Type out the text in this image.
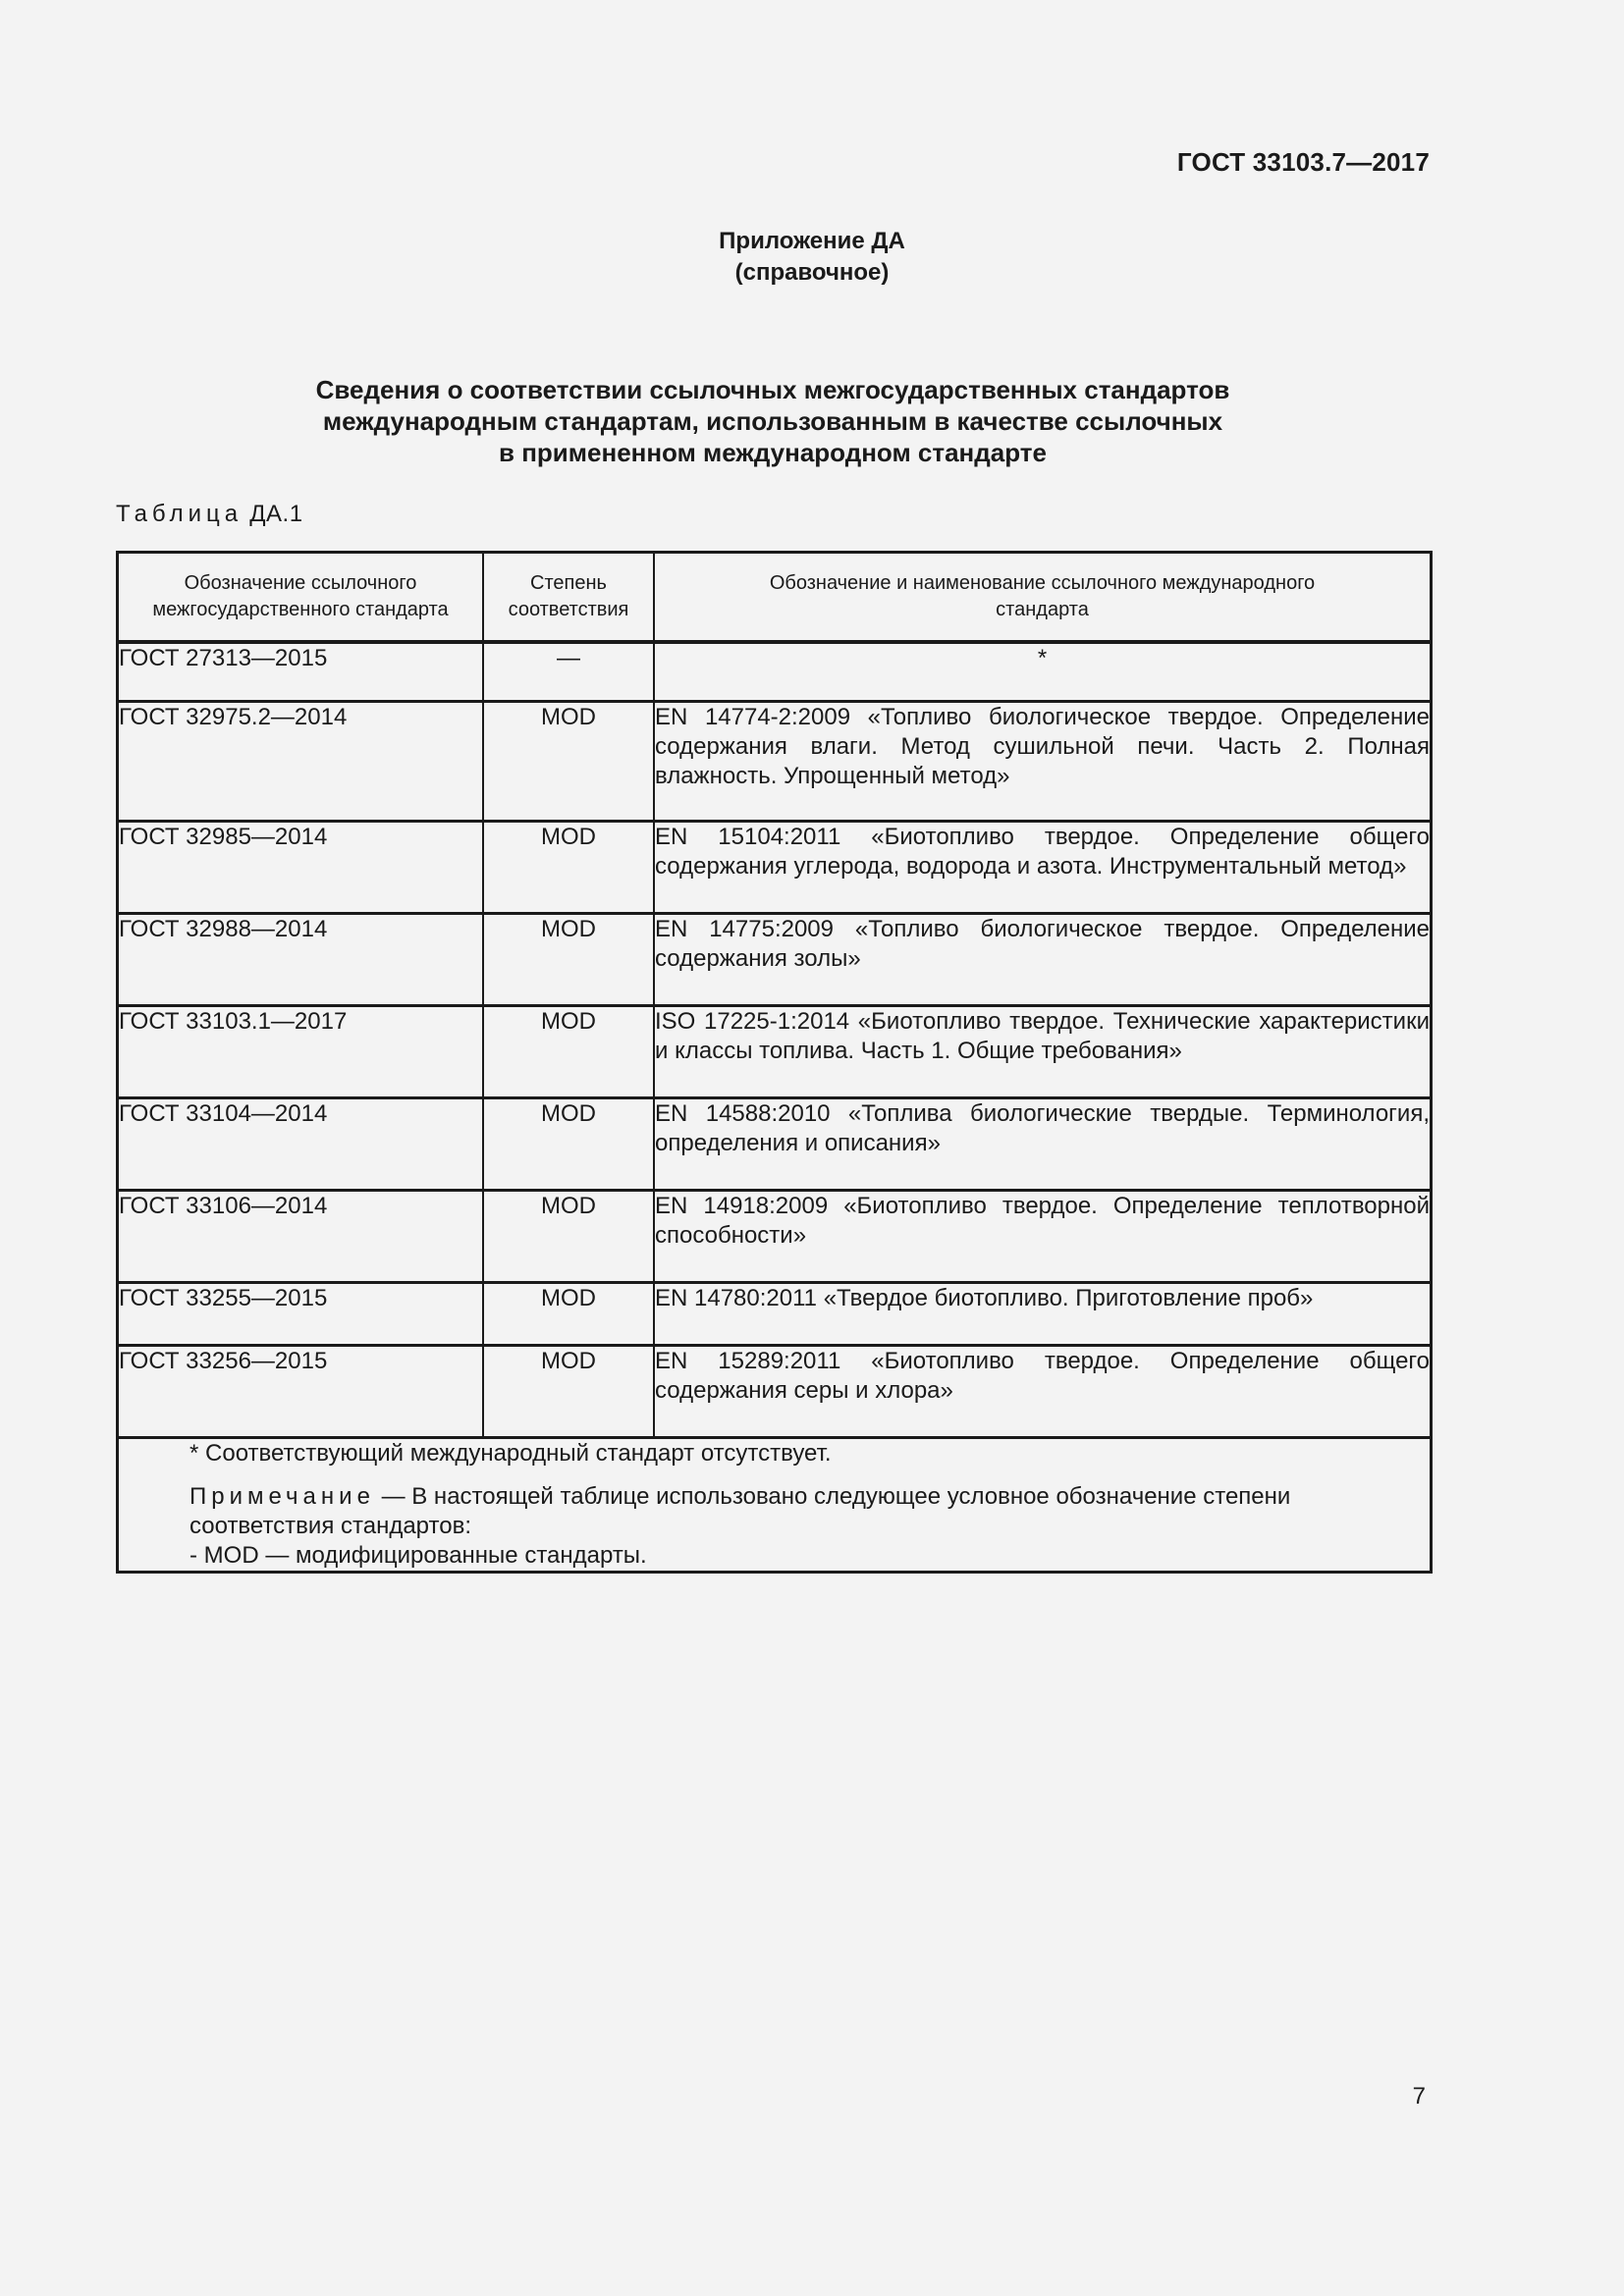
ГОСТ 33103.7—2017
Приложение ДА
(справочное)
Сведения о соответствии ссылочных межгосударственных стандартов
международным стандартам, использованным в качестве ссылочных
в примененном международном стандарте
Таблица ДА.1
Обозначение ссылочного межгосударственного стандарта	Степень соответствия	Обозначение и наименование ссылочного международного стандарта

ГОСТ 27313—2015	—	*
ГОСТ 32975.2—2014	MOD	EN 14774-2:2009 «Топливо биологическое твердое. Определение содержания влаги. Метод сушильной печи. Часть 2. Полная влажность. Упрощенный метод»
ГОСТ 32985—2014	MOD	EN 15104:2011 «Биотопливо твердое. Определение общего содержания углерода, водорода и азота. Инструментальный метод»
ГОСТ 32988—2014	MOD	EN 14775:2009 «Топливо биологическое твердое. Определение содержания золы»
ГОСТ 33103.1—2017	MOD	ISO 17225-1:2014 «Биотопливо твердое. Технические характеристики и классы топлива. Часть 1. Общие требования»
ГОСТ 33104—2014	MOD	EN 14588:2010 «Топлива биологические твердые. Терминология, определения и описания»
ГОСТ 33106—2014	MOD	EN 14918:2009 «Биотопливо твердое. Определение теплотворной способности»
ГОСТ 33255—2015	MOD	EN 14780:2011 «Твердое биотопливо. Приготовление проб»
ГОСТ 33256—2015	MOD	EN 15289:2011 «Биотопливо твердое. Определение общего содержания серы и хлора»

* Соответствующий международный стандарт отсутствует.
Примечание — В настоящей таблице использовано следующее условное обозначение степени соответствия стандартов:
- MOD — модифицированные стандарты.		
7
